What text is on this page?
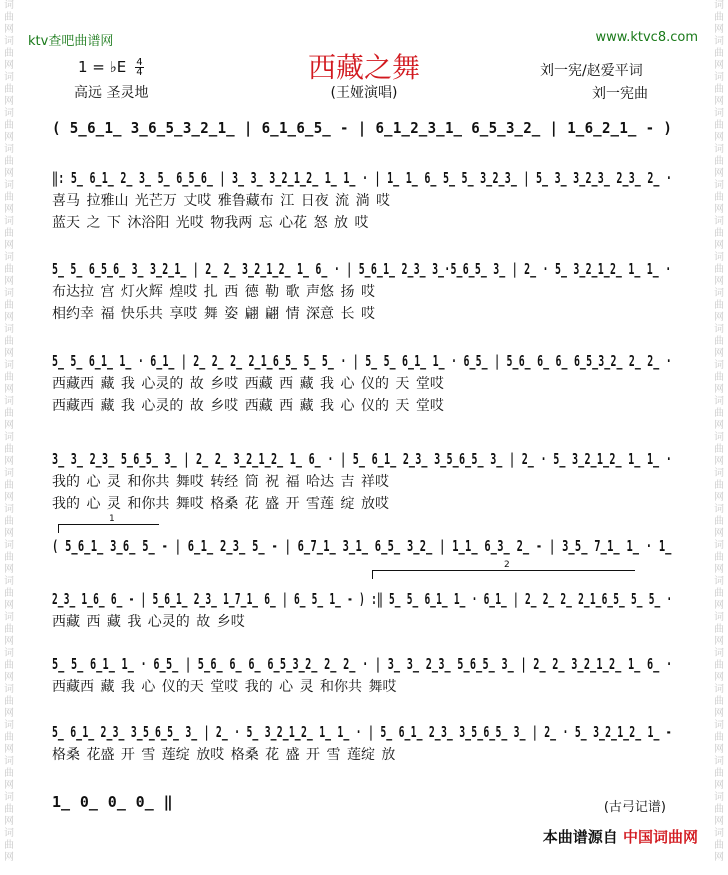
词曲网词曲网词曲网词曲网词曲网词曲网词曲网词曲网词曲网词曲网词曲网词曲网词曲网词曲网词曲网词曲网词曲网词曲网词曲网词曲网词曲网词曲网词曲网词曲网
词曲网词曲网词曲网词曲网词曲网词曲网词曲网词曲网词曲网词曲网词曲网词曲网词曲网词曲网词曲网词曲网词曲网词曲网词曲网词曲网词曲网词曲网词曲网词曲网
ktv查吧曲谱网	www.ktvc8.com
西藏之舞
1 = ♭E $\frac{4}{4}$
高远 圣灵地	(王娅演唱)
刘一宪/赵爱平词
刘一宪曲
( 5̲6̲1̲ 3̲6̲5̲3̲2̲1̲ | 6̲1̲6̲5̲ - | 6̲1̲2̲3̲1̲ 6̲5̲3̲2̲ | 1̲6̲2̲1̲ - )
‖: 5̲ 6̲1̲ 2̲ 3̲ 5̲ 6̲5̲6̲ | 3̲ 3̲ 3̲2̲1̲2̲ 1̲ 1̲ · | 1̲ 1̲ 6̲ 5̲ 5̲ 3̲2̲3̲ | 5̲ 3̲ 3̲2̲3̲ 2̲3̲ 2̲ ·
喜马 拉雅山 光芒万 丈哎 雅鲁藏布 江 日夜 流 淌 哎
蓝天 之 下 沐浴阳 光哎 物我两 忘 心花 怒 放 哎
5̲ 5̲ 6̲5̲6̲ 3̲ 3̲2̲1̲ | 2̲ 2̲ 3̲2̲1̲2̲ 1̲ 6̲ · | 5̲6̲1̲ 2̲3̲ 3̲·5̲6̲5̲ 3̲ | 2̲ · 5̲ 3̲2̲1̲2̲ 1̲ 1̲ ·
布达拉 宫 灯火辉 煌哎 扎 西 德 勒 歌 声悠 扬 哎
相约幸 福 快乐共 享哎 舞 姿 翩 翩 情 深意 长 哎
5̲ 5̲ 6̲1̲ 1̲ · 6̲1̲ | 2̲ 2̲ 2̲ 2̲1̲6̲5̲ 5̲ 5̲ · | 5̲ 5̲ 6̲1̲ 1̲ · 6̲5̲ | 5̲6̲ 6̲ 6̲ 6̲5̲3̲2̲ 2̲ 2̲ ·
西藏西 藏 我 心灵的 故 乡哎 西藏 西 藏 我 心 仪的 天 堂哎
西藏西 藏 我 心灵的 故 乡哎 西藏 西 藏 我 心 仪的 天 堂哎
3̲ 3̲ 2̲3̲ 5̲6̲5̲ 3̲ | 2̲ 2̲ 3̲2̲1̲2̲ 1̲ 6̲ · | 5̲ 6̲1̲ 2̲3̲ 3̲5̲6̲5̲ 3̲ | 2̲ · 5̲ 3̲2̲1̲2̲ 1̲ 1̲ ·
我的 心 灵 和你共 舞哎 转经 筒 祝 福 哈达 吉 祥哎
我的 心 灵 和你共 舞哎 格桑 花 盛 开 雪莲 绽 放哎
1
( 5̲6̲1̲ 3̲6̲ 5̲ - | 6̲1̲ 2̲3̲ 5̲ - | 6̲7̲1̲ 3̲1̲ 6̲5̲ 3̲2̲ | 1̲1̲ 6̲3̲ 2̲ - | 3̲5̲ 7̲1̲ 1̲ · 1̲
2
2̲3̲ 1̲6̲ 6̲ - | 5̲6̲1̲ 2̲3̲ 1̲7̲1̲ 6̲ | 6̲ 5̲ 1̲ - ) :‖ 5̲ 5̲ 6̲1̲ 1̲ · 6̲1̲ | 2̲ 2̲ 2̲ 2̲1̲6̲5̲ 5̲ 5̲ ·
西藏 西 藏 我 心灵的 故 乡哎
5̲ 5̲ 6̲1̲ 1̲ · 6̲5̲ | 5̲6̲ 6̲ 6̲ 6̲5̲3̲2̲ 2̲ 2̲ · | 3̲ 3̲ 2̲3̲ 5̲6̲5̲ 3̲ | 2̲ 2̲ 3̲2̲1̲2̲ 1̲ 6̲ ·
西藏西 藏 我 心 仪的天 堂哎 我的 心 灵 和你共 舞哎
5̲ 6̲1̲ 2̲3̲ 3̲5̲6̲5̲ 3̲ | 2̲ · 5̲ 3̲2̲1̲2̲ 1̲ 1̲ · | 5̲ 6̲1̲ 2̲3̲ 3̲5̲6̲5̲ 3̲ | 2̲ · 5̲ 3̲2̲1̲2̲ 1̲ -
格桑 花盛 开 雪 莲绽 放哎 格桑 花 盛 开 雪 莲绽 放
1̲ 0̲ 0̲ 0̲ ‖	(古弓记谱)
本曲谱源自 中国词曲网
